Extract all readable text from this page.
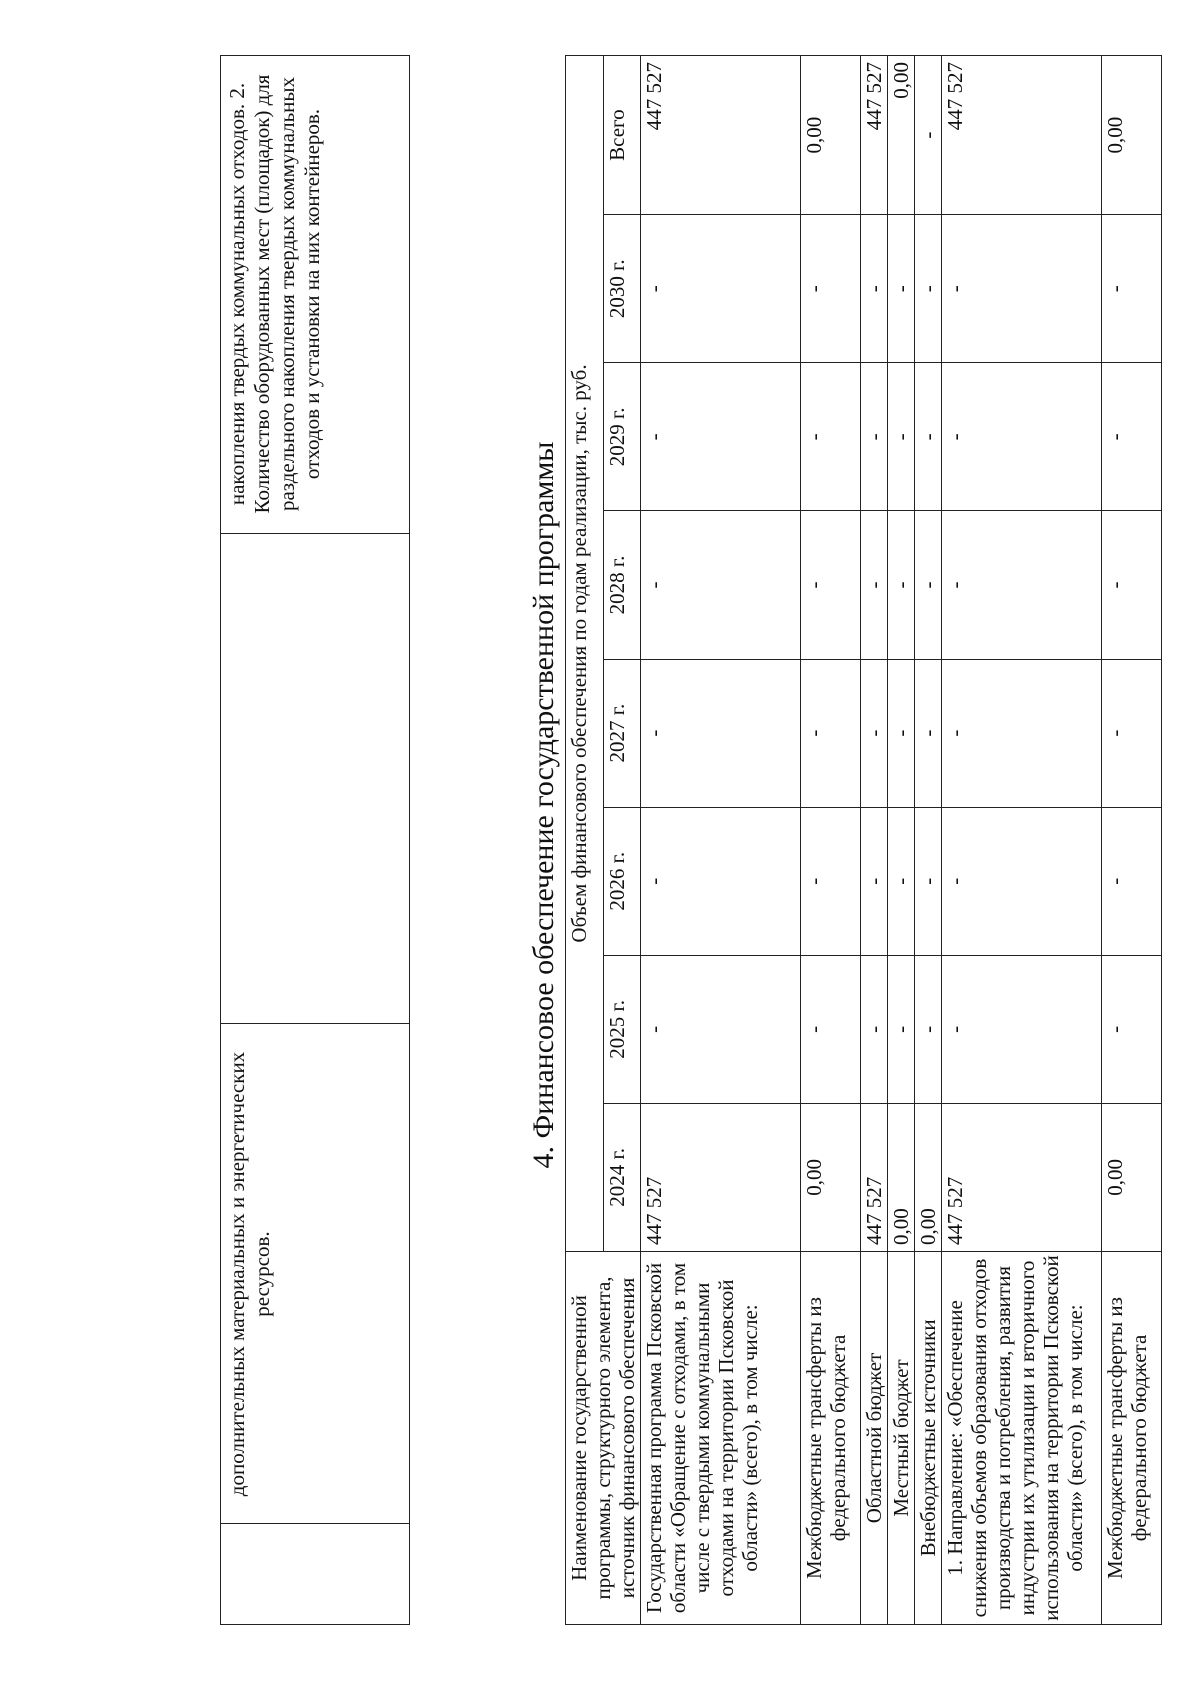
дополнительных материальных и энергетических ресурсов.
накопления твердых коммунальных отходов. 2. Количество оборудованных мест (площадок) для раздельного накопления твердых коммунальных отходов и установки на них контейнеров.
4. Финансовое обеспечение государственной программы
Наименование государственной программы, структурного элемента, источник финансового обеспечения	Объем финансового обеспечения по годам реализации, тыс. руб.							
	2024 г.	2025 г.	2026 г.	2027 г.	2028 г.	2029 г.	2030 г.	Всего
Государственная программа Псковской области «Обращение с отходами, в том числе с твердыми коммунальными отходами на территории Псковской области» (всего), в том числе:	447 527	-	-	-	-	-	-	447 527
Межбюджетные трансферты из федерального бюджета	0,00	-	-	-	-	-	-	0,00
Областной бюджет	447 527	-	-	-	-	-	-	447 527
Местный бюджет	0,00	-	-	-	-	-	-	0,00
Внебюджетные источники	0,00	-	-	-	-	-	-	-
1. Направление: «Обеспечение снижения объемов образования отходов производства и потребления, развития индустрии их утилизации и вторичного использования на территории Псковской области» (всего), в том числе:	447 527	-	-	-	-	-	-	447 527
Межбюджетные трансферты из федерального бюджета	0,00	-	-	-	-	-	-	0,00
